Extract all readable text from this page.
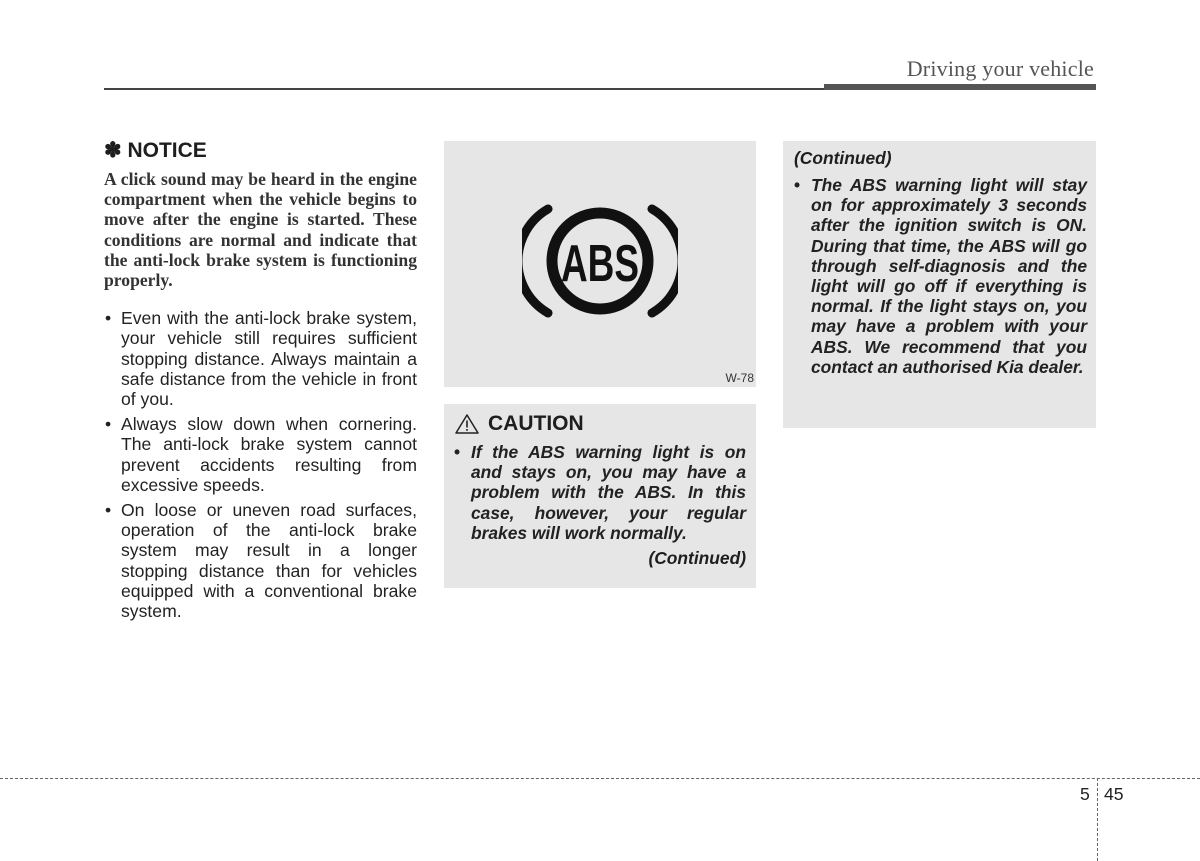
Driving your vehicle
✽ NOTICE

A click sound may be heard in the engine compartment when the vehicle begins to move after the engine is started. These conditions are normal and indicate that the anti-lock brake system is functioning properly.

• Even with the anti-lock brake system, your vehicle still requires sufficient stopping distance. Always maintain a safe distance from the vehicle in front of you.
• Always slow down when cornering. The anti-lock brake system cannot prevent accidents resulting from excessive speeds.
• On loose or uneven road surfaces, operation of the anti-lock brake system may result in a longer stopping distance than for vehicles equipped with a conventional brake system.
ABS
W-78
CAUTION

• If the ABS warning light is on and stays on, you may have a problem with the ABS. In this case, however, your regular brakes will work normally.

(Continued)
(Continued)

• The ABS warning light will stay on for approximately 3 seconds after the ignition switch is ON. During that time, the ABS will go through self-diagnosis and the light will go off if everything is normal. If the light stays on, you may have a problem with your ABS. We recommend that you contact an authorised Kia dealer.

5 45
